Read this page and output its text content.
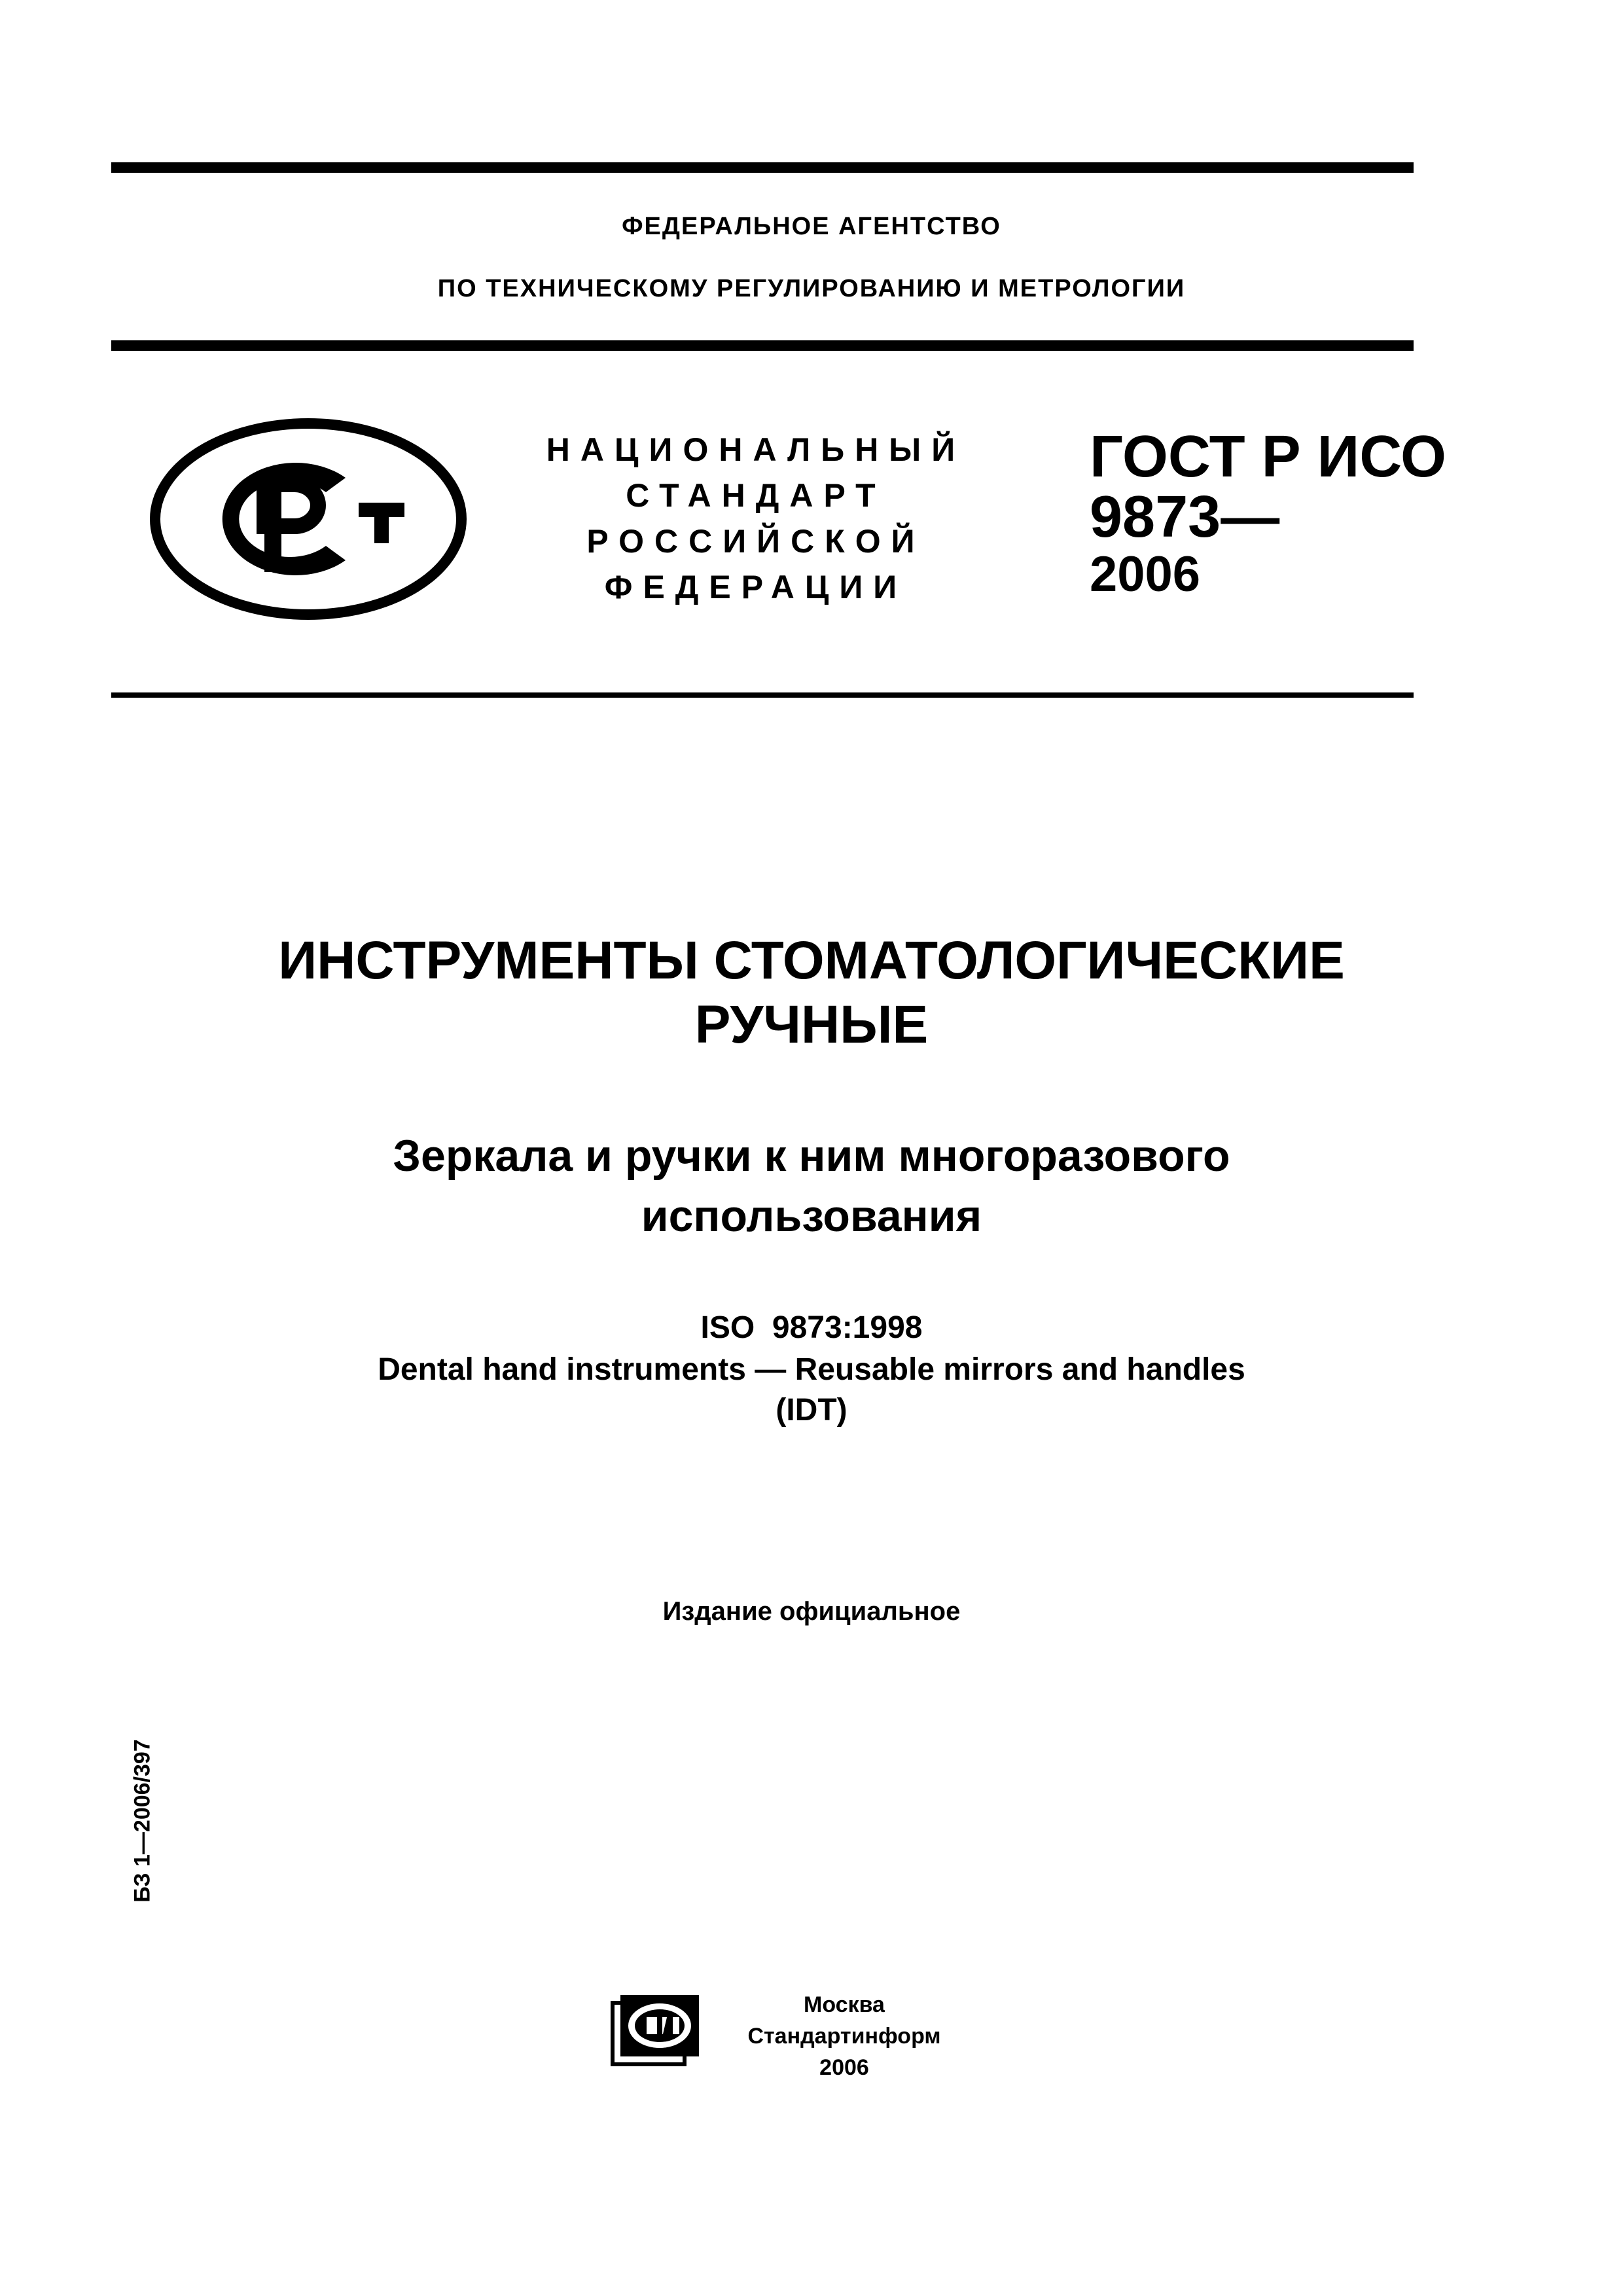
ФЕДЕРАЛЬНОЕ АГЕНТСТВО
ПО ТЕХНИЧЕСКОМУ РЕГУЛИРОВАНИЮ И МЕТРОЛОГИИ
НАЦИОНАЛЬНЫЙ
СТАНДАРТ
РОССИЙСКОЙ
ФЕДЕРАЦИИ
ГОСТ Р ИСО
9873—
2006
ИНСТРУМЕНТЫ СТОМАТОЛОГИЧЕСКИЕ
РУЧНЫЕ
Зеркала и ручки к ним многоразового
использования
ISO  9873:1998
Dental hand instruments — Reusable mirrors and handles
(IDT)
Издание официальное
БЗ 1—2006/397
Москва
Стандартинформ
2006
